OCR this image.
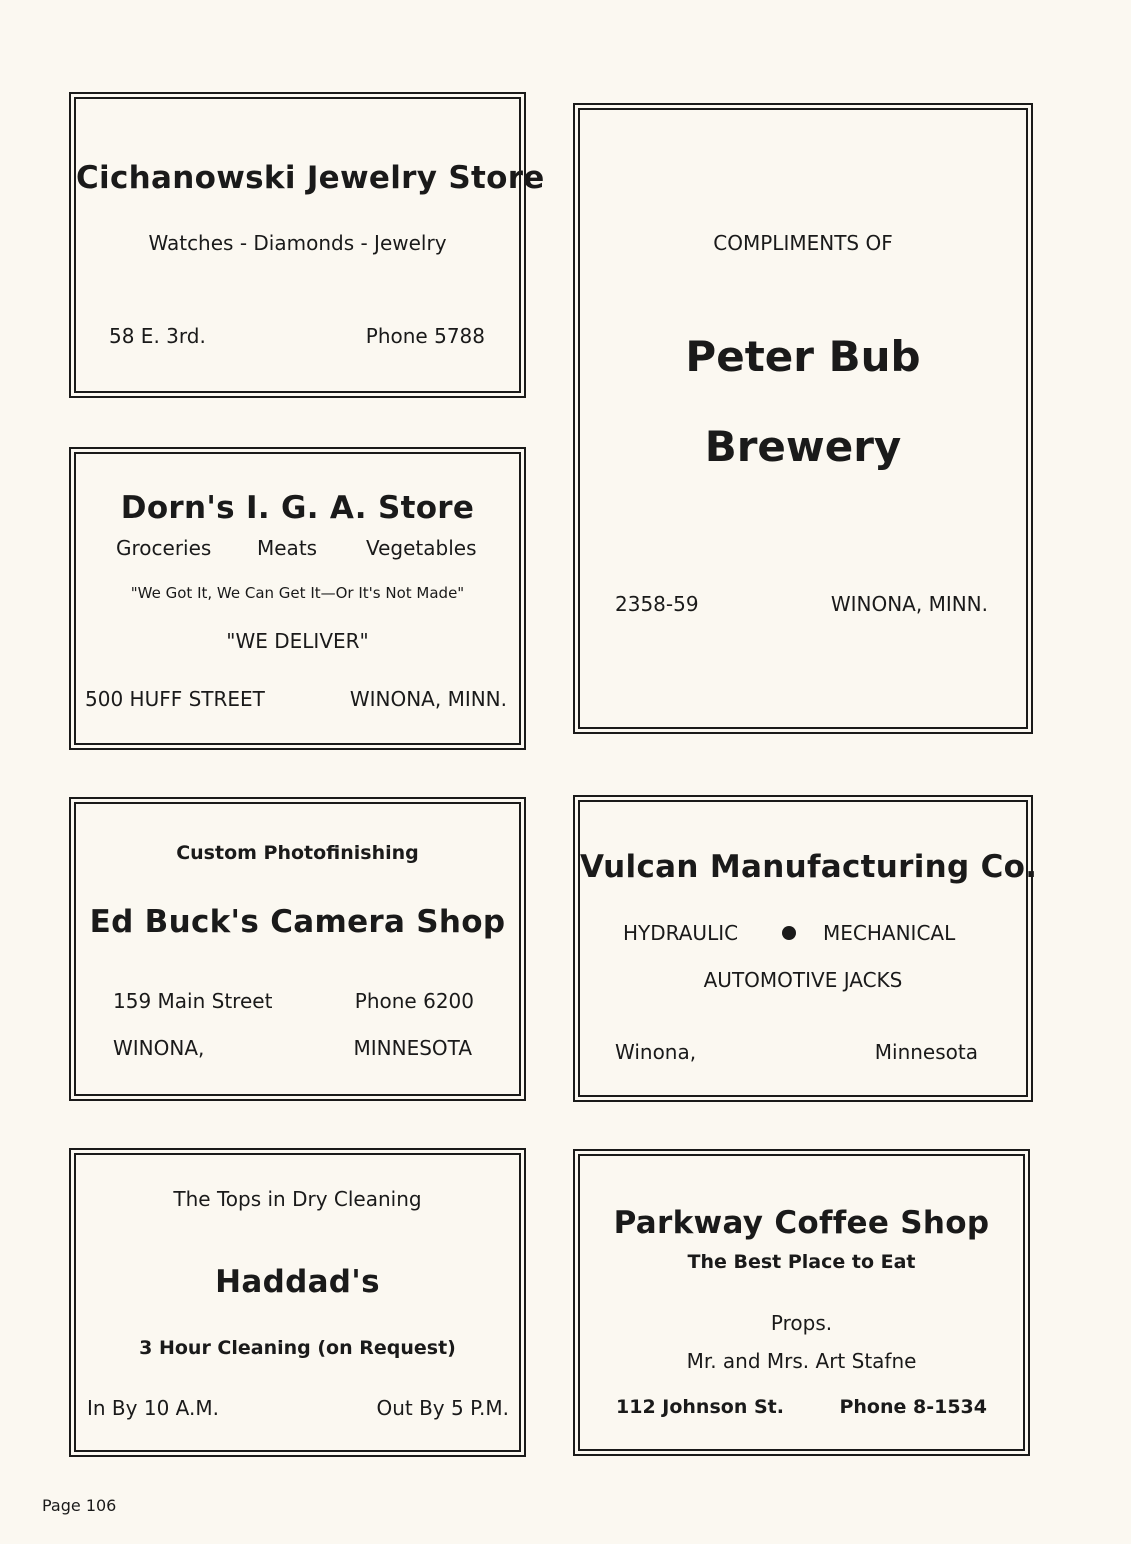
Cichanowski Jewelry Store
Watches - Diamonds - Jewelry
58 E. 3rd.	Phone 5788
COMPLIMENTS OF
Peter Bub
Brewery
2358-59	WINONA, MINN.
Dorn's I. G. A. Store
Groceries Meats Vegetables
"We Got It, We Can Get It—Or It's Not Made"
"WE DELIVER"
500 HUFF STREET	WINONA, MINN.
Custom Photofinishing
Ed Buck's Camera Shop
159 Main Street	Phone 6200
WINONA,	MINNESOTA
Vulcan Manufacturing Co.
HYDRAULIC	MECHANICAL
AUTOMOTIVE JACKS
Winona,	Minnesota
The Tops in Dry Cleaning
Haddad's
3 Hour Cleaning (on Request)
In By 10 A.M.	Out By 5 P.M.
Parkway Coffee Shop
The Best Place to Eat
Props.
Mr. and Mrs. Art Stafne
112 Johnson St.	Phone 8-1534
Page 106
